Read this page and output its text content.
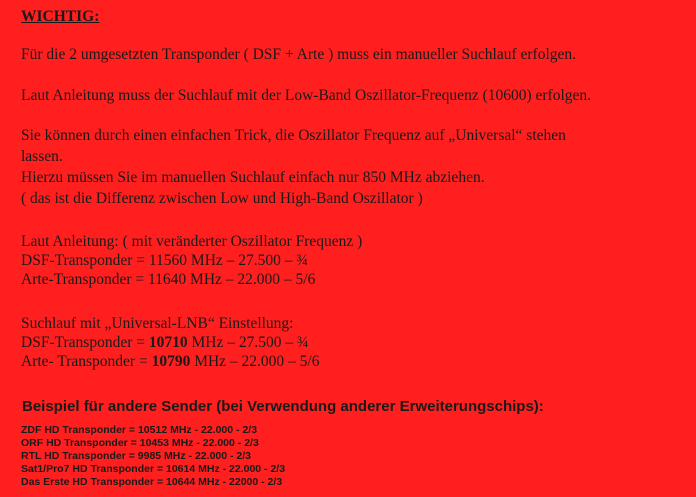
WICHTIG:
Für die 2 umgesetzten Transponder ( DSF + Arte ) muss ein manueller Suchlauf erfolgen.
Laut Anleitung muss der Suchlauf mit der Low-Band Oszillator-Frequenz (10600) erfolgen.
Sie können durch einen einfachen Trick, die Oszillator Frequenz auf „Universal“ stehen
lassen.
Hierzu müssen Sie im manuellen Suchlauf einfach nur 850 MHz abziehen.
( das ist die Differenz zwischen Low und High-Band Oszillator )
Laut Anleitung: ( mit veränderter Oszillator Frequenz )
DSF-Transponder = 11560 MHz – 27.500 – ¾
Arte-Transponder = 11640 MHz – 22.000 – 5/6
Suchlauf mit „Universal-LNB“ Einstellung:
DSF-Transponder = 10710 MHz – 27.500 – ¾
Arte- Transponder = 10790 MHz – 22.000 – 5/6
Beispiel für andere Sender (bei Verwendung anderer Erweiterungschips):
ZDF HD Transponder = 10512 MHz - 22.000 - 2/3
ORF HD Transponder = 10453 MHz - 22.000 - 2/3
RTL HD Transponder = 9985 MHz - 22.000 - 2/3
Sat1/Pro7 HD Transponder = 10614 MHz - 22.000 - 2/3
Das Erste HD Transponder = 10644 MHz - 22000 - 2/3
